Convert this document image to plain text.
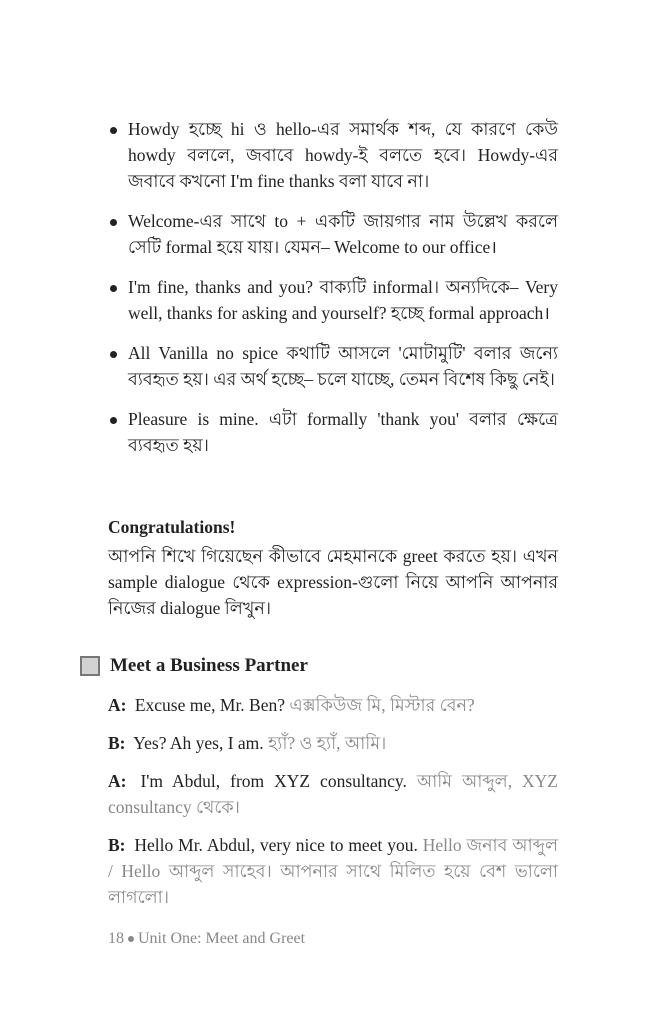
Howdy হচ্ছে hi ও hello-এর সমার্থক শব্দ, যে কারণে কেউ howdy বললে, জবাবে howdy-ই বলতে হবে। Howdy-এর জবাবে কখনো I'm fine thanks বলা যাবে না।
Welcome-এর সাথে to + একটি জায়গার নাম উল্লেখ করলে সেটি formal হয়ে যায়। যেমন– Welcome to our office।
I'm fine, thanks and you? বাক্যটি informal। অন্যদিকে– Very well, thanks for asking and yourself? হচ্ছে formal approach।
All Vanilla no spice কথাটি আসলে 'মোটামুটি' বলার জন্যে ব্যবহৃত হয়। এর অর্থ হচ্ছে– চলে যাচ্ছে, তেমন বিশেষ কিছু নেই।
Pleasure is mine. এটা formally 'thank you' বলার ক্ষেত্রে ব্যবহৃত হয়।
Congratulations!

আপনি শিখে গিয়েছেন কীভাবে মেহমানকে greet করতে হয়। এখন sample dialogue থেকে expression-গুলো নিয়ে আপনি আপনার নিজের dialogue লিখুন।

Meet a Business Partner
A: Excuse me, Mr. Ben? এক্সকিউজ মি, মিস্টার বেন?
B: Yes? Ah yes, I am. হ্যাঁ? ও হ্যাঁ, আমি।
A: I'm Abdul, from XYZ consultancy. আমি আব্দুল, XYZ consultancy থেকে।
B: Hello Mr. Abdul, very nice to meet you. Hello জনাব আব্দুল / Hello আব্দুল সাহেব। আপনার সাথে মিলিত হয়ে বেশ ভালো লাগলো।
18 Unit One: Meet and Greet
